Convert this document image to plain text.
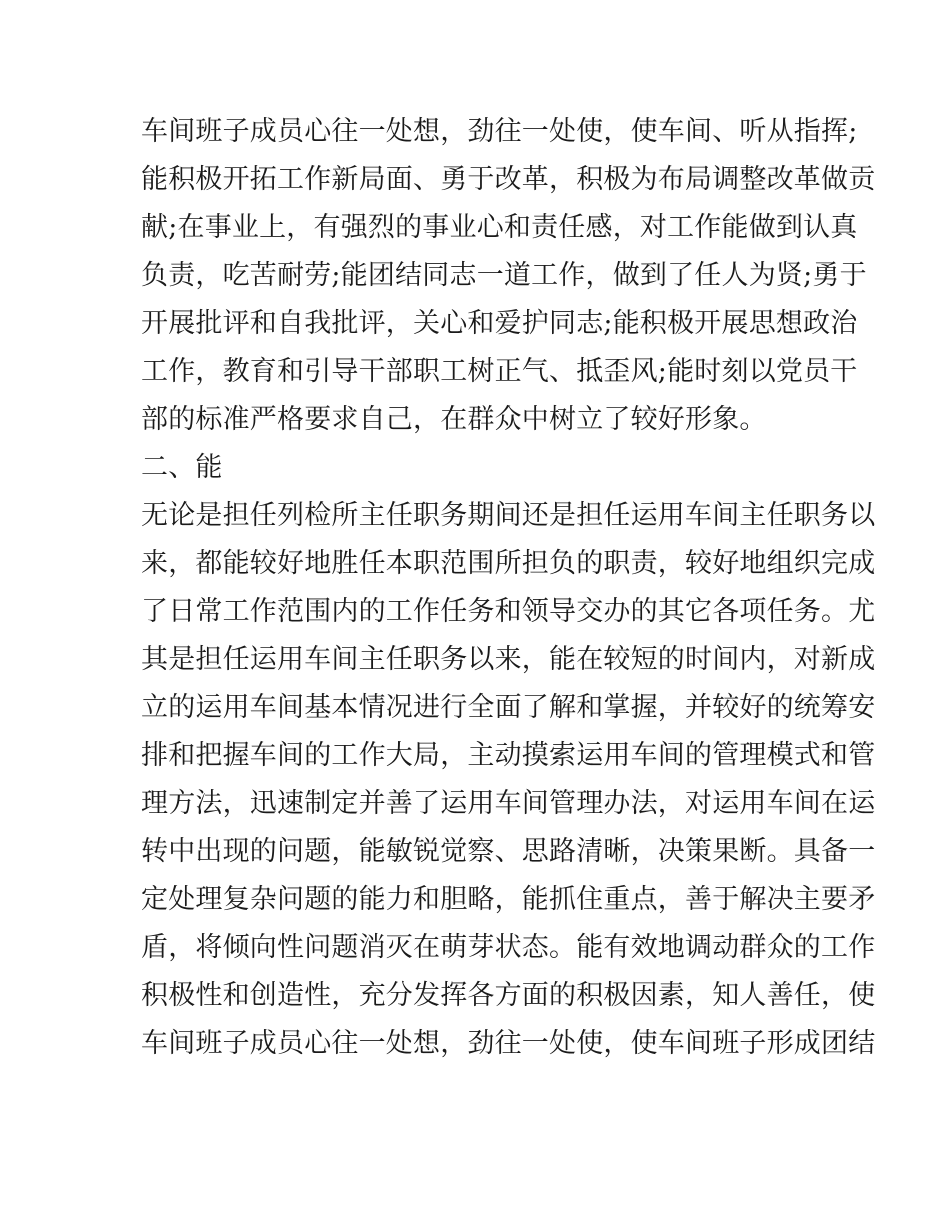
车间班子成员心往一处想，劲往一处使，使车间、听从指挥;
能积极开拓工作新局面、勇于改革，积极为布局调整改革做贡
献;在事业上，有强烈的事业心和责任感，对工作能做到认真
负责，吃苦耐劳;能团结同志一道工作，做到了任人为贤;勇于
开展批评和自我批评，关心和爱护同志;能积极开展思想政治
工作，教育和引导干部职工树正气、抵歪风;能时刻以党员干
部的标准严格要求自己，在群众中树立了较好形象。
二、能
无论是担任列检所主任职务期间还是担任运用车间主任职务以
来，都能较好地胜任本职范围所担负的职责，较好地组织完成
了日常工作范围内的工作任务和领导交办的其它各项任务。尤
其是担任运用车间主任职务以来，能在较短的时间内，对新成
立的运用车间基本情况进行全面了解和掌握，并较好的统筹安
排和把握车间的工作大局，主动摸索运用车间的管理模式和管
理方法，迅速制定并善了运用车间管理办法，对运用车间在运
转中出现的问题，能敏锐觉察、思路清晰，决策果断。具备一
定处理复杂问题的能力和胆略，能抓住重点，善于解决主要矛
盾，将倾向性问题消灭在萌芽状态。能有效地调动群众的工作
积极性和创造性，充分发挥各方面的积极因素，知人善任，使
车间班子成员心往一处想，劲往一处使，使车间班子形成团结
